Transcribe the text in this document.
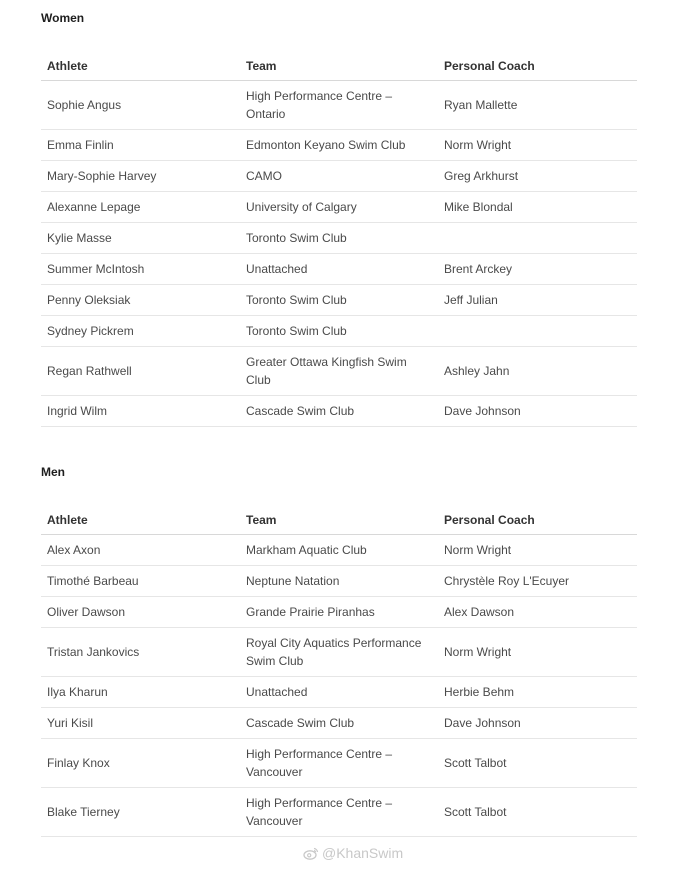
Women
Athlete	Team	Personal Coach
Sophie Angus	High Performance Centre – Ontario	Ryan Mallette
Emma Finlin	Edmonton Keyano Swim Club	Norm Wright
Mary-Sophie Harvey	CAMO	Greg Arkhurst
Alexanne Lepage	University of Calgary	Mike Blondal
Kylie Masse	Toronto Swim Club	
Summer McIntosh	Unattached	Brent Arckey
Penny Oleksiak	Toronto Swim Club	Jeff Julian
Sydney Pickrem	Toronto Swim Club	
Regan Rathwell	Greater Ottawa Kingfish Swim Club	Ashley Jahn
Ingrid Wilm	Cascade Swim Club	Dave Johnson
Men
Athlete	Team	Personal Coach
Alex Axon	Markham Aquatic Club	Norm Wright
Timothé Barbeau	Neptune Natation	Chrystèle Roy L'Ecuyer
Oliver Dawson	Grande Prairie Piranhas	Alex Dawson
Tristan Jankovics	Royal City Aquatics Performance Swim Club	Norm Wright
Ilya Kharun	Unattached	Herbie Behm
Yuri Kisil	Cascade Swim Club	Dave Johnson
Finlay Knox	High Performance Centre – Vancouver	Scott Talbot
Blake Tierney	High Performance Centre – Vancouver	Scott Talbot
@KhanSwim
